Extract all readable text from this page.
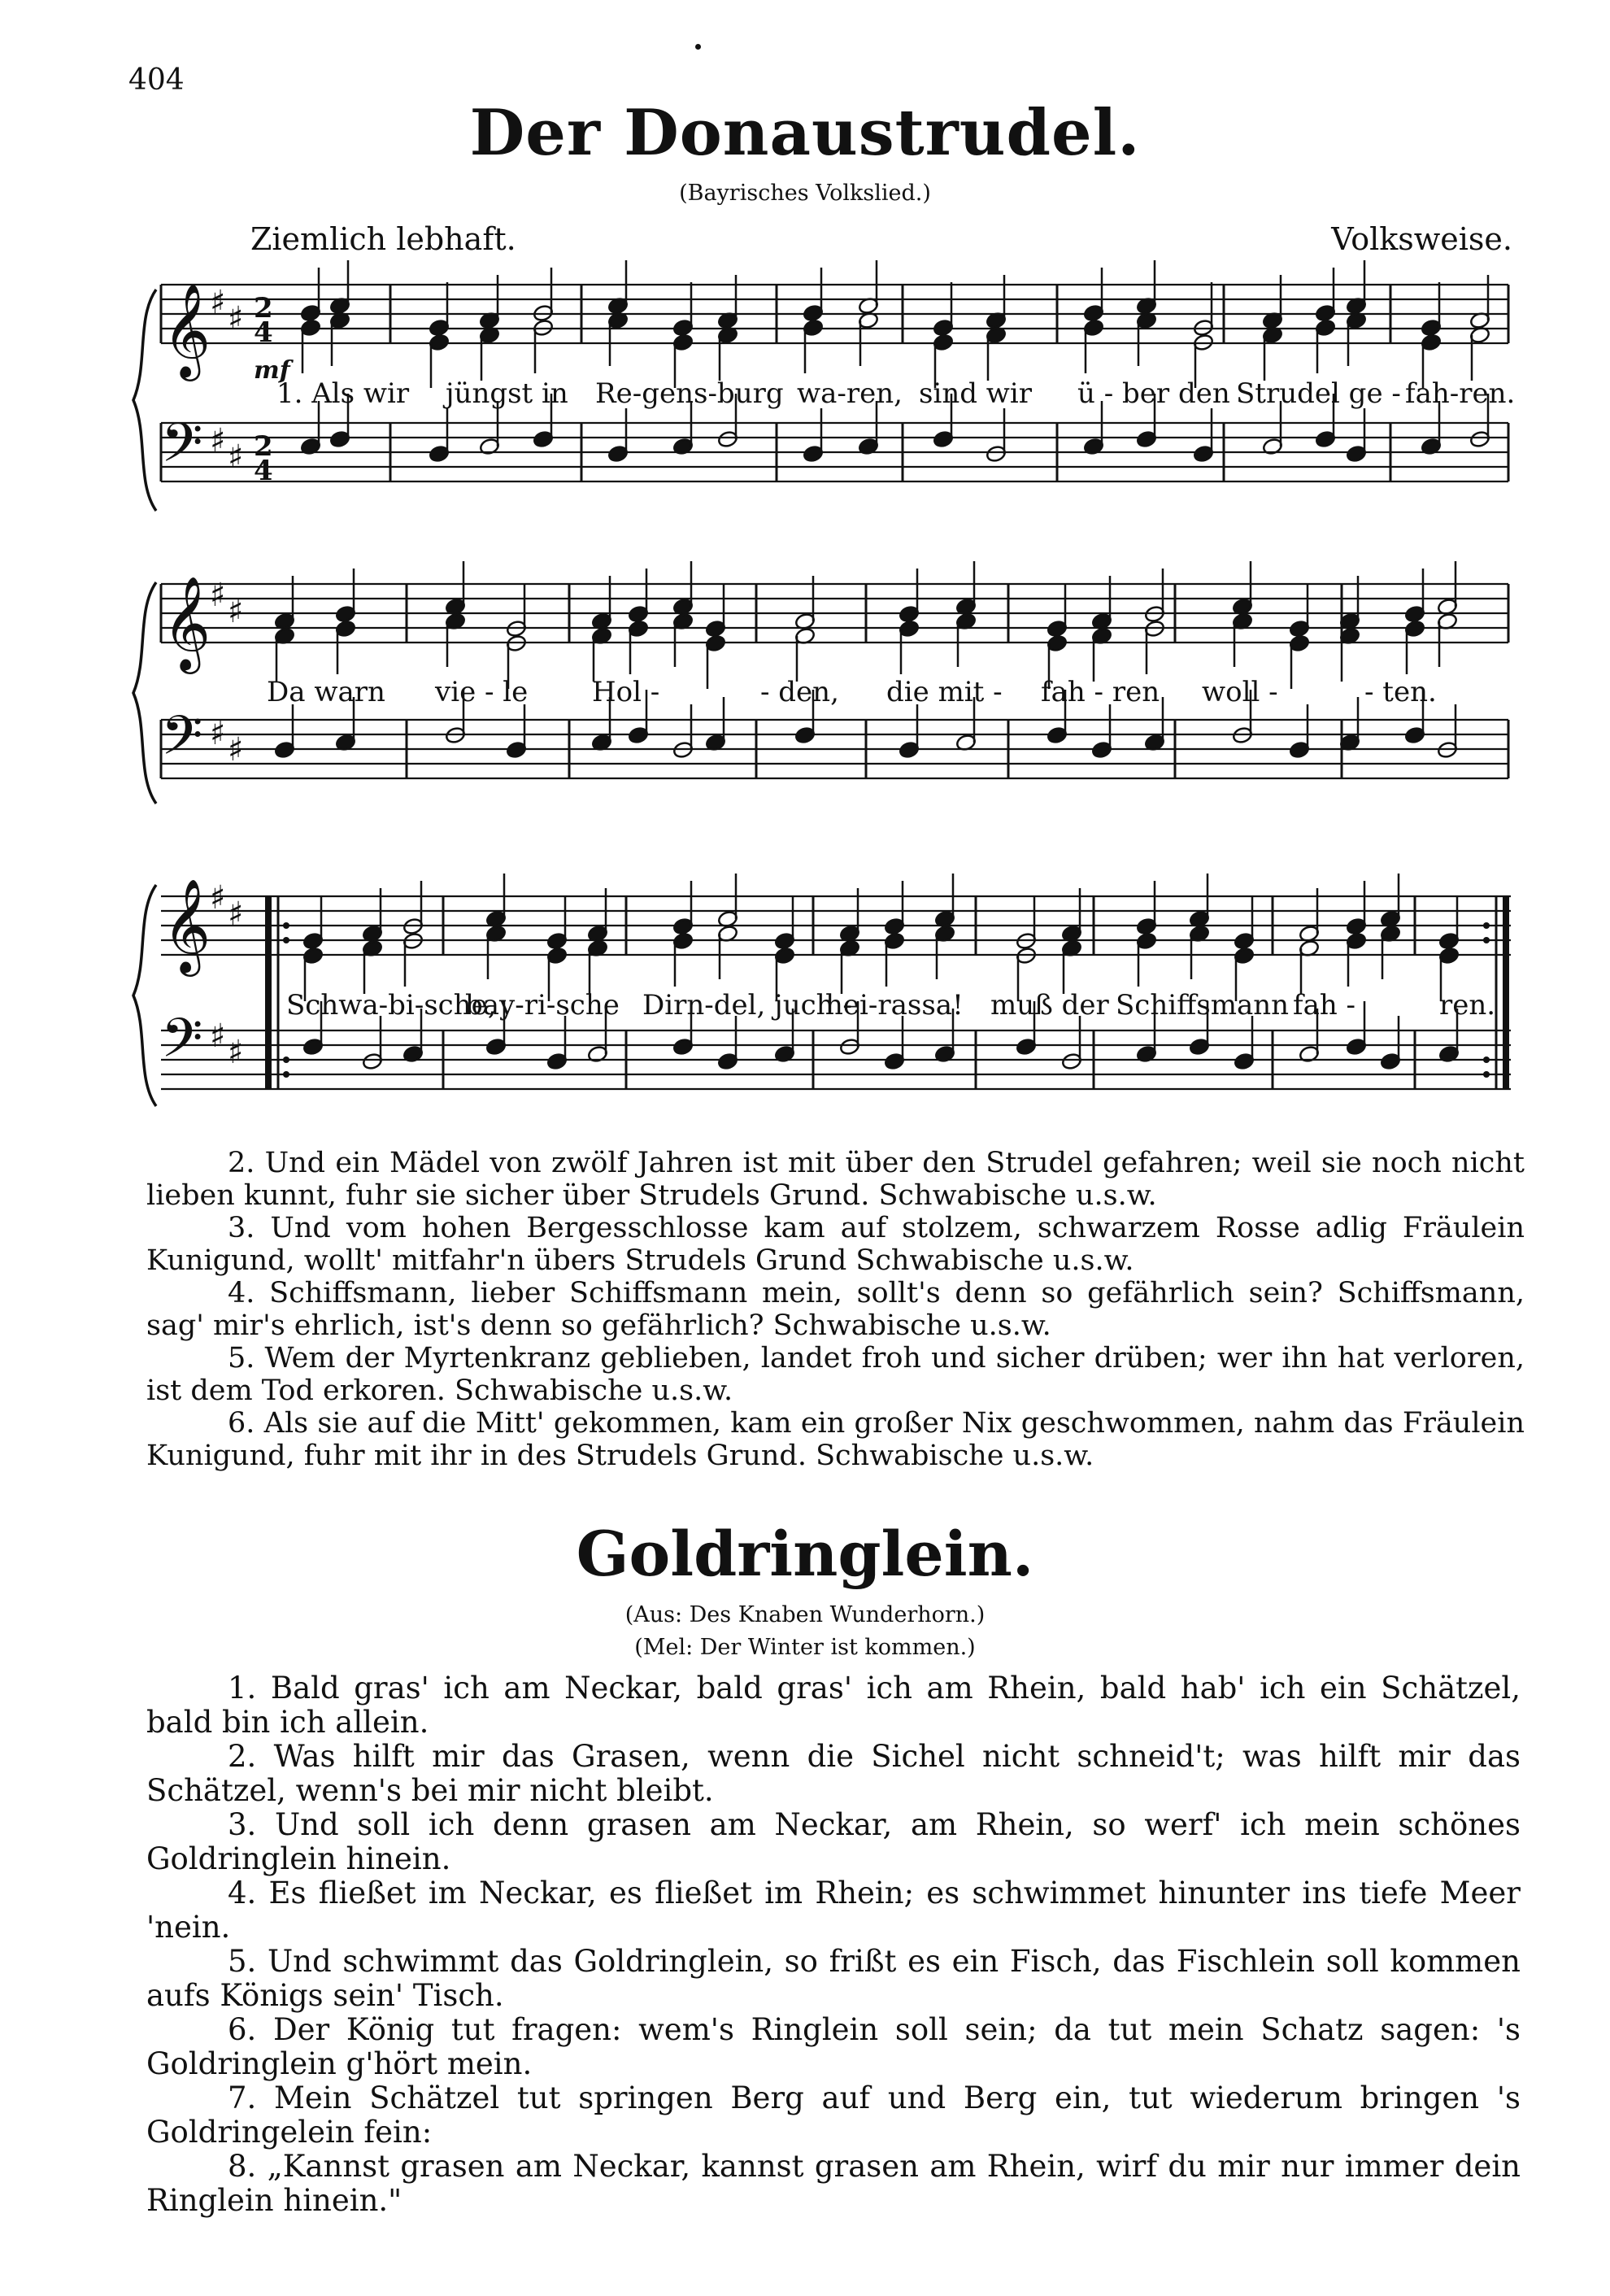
404
Der Donaustrudel.
(Bayrisches Volkslied.)
Ziemlich lebhaft.	Volksweise.
𝄞
𝄢
♯ ♯
♯ ♯
2
4
2
4
mf
1. Als wir jüngst in Re-gens-burg wa-ren, sind wir ü - ber den Strudel ge - fah-ren.
𝄞
𝄢
♯ ♯
♯ ♯
Da warn vie - le Hol -	- den, die mit - fah - ren woll -	- ten.
𝄞
𝄢
♯ ♯
♯ ♯
Schwa-bi-sche,
bay-ri-sche Dirn-del, juch -
hei-rassa! muß der Schiffsmann fah -	ren.

2. Und ein Mädel von zwölf Jahren ist mit über den Strudel gefahren; weil sie noch nicht lieben kunnt, fuhr sie sicher über Strudels Grund. Schwabische u.s.w.

3. Und vom hohen Bergesschlosse kam auf stolzem, schwarzem Rosse adlig Fräulein Kunigund, wollt' mitfahr'n übers Strudels Grund Schwabische u.s.w.

4. Schiffsmann, lieber Schiffsmann mein, sollt's denn so gefährlich sein? Schiffsmann, sag' mir's ehrlich, ist's denn so gefährlich? Schwabische u.s.w.

5. Wem der Myrtenkranz geblieben, landet froh und sicher drüben; wer ihn hat verloren, ist dem Tod erkoren. Schwabische u.s.w.

6. Als sie auf die Mitt' gekommen, kam ein großer Nix geschwommen, nahm das Fräulein Kunigund, fuhr mit ihr in des Strudels Grund. Schwabische u.s.w.

Goldringlein.
(Aus: Des Knaben Wunderhorn.)
(Mel: Der Winter ist kommen.)

1. Bald gras' ich am Neckar, bald gras' ich am Rhein, bald hab' ich ein Schätzel, bald bin ich allein.

2. Was hilft mir das Grasen, wenn die Sichel nicht schneid't; was hilft mir das Schätzel, wenn's bei mir nicht bleibt.

3. Und soll ich denn grasen am Neckar, am Rhein, so werf' ich mein schönes Goldringlein hinein.

4. Es fließet im Neckar, es fließet im Rhein; es schwimmet hinunter ins tiefe Meer 'nein.

5. Und schwimmt das Goldringlein, so frißt es ein Fisch, das Fischlein soll kommen aufs Königs sein' Tisch.

6. Der König tut fragen: wem's Ringlein soll sein; da tut mein Schatz sagen: 's Goldringlein g'hört mein.

7. Mein Schätzel tut springen Berg auf und Berg ein, tut wiederum bringen 's Goldringelein fein:

8. „Kannst grasen am Neckar, kannst grasen am Rhein, wirf du mir nur immer dein Ringlein hinein."
